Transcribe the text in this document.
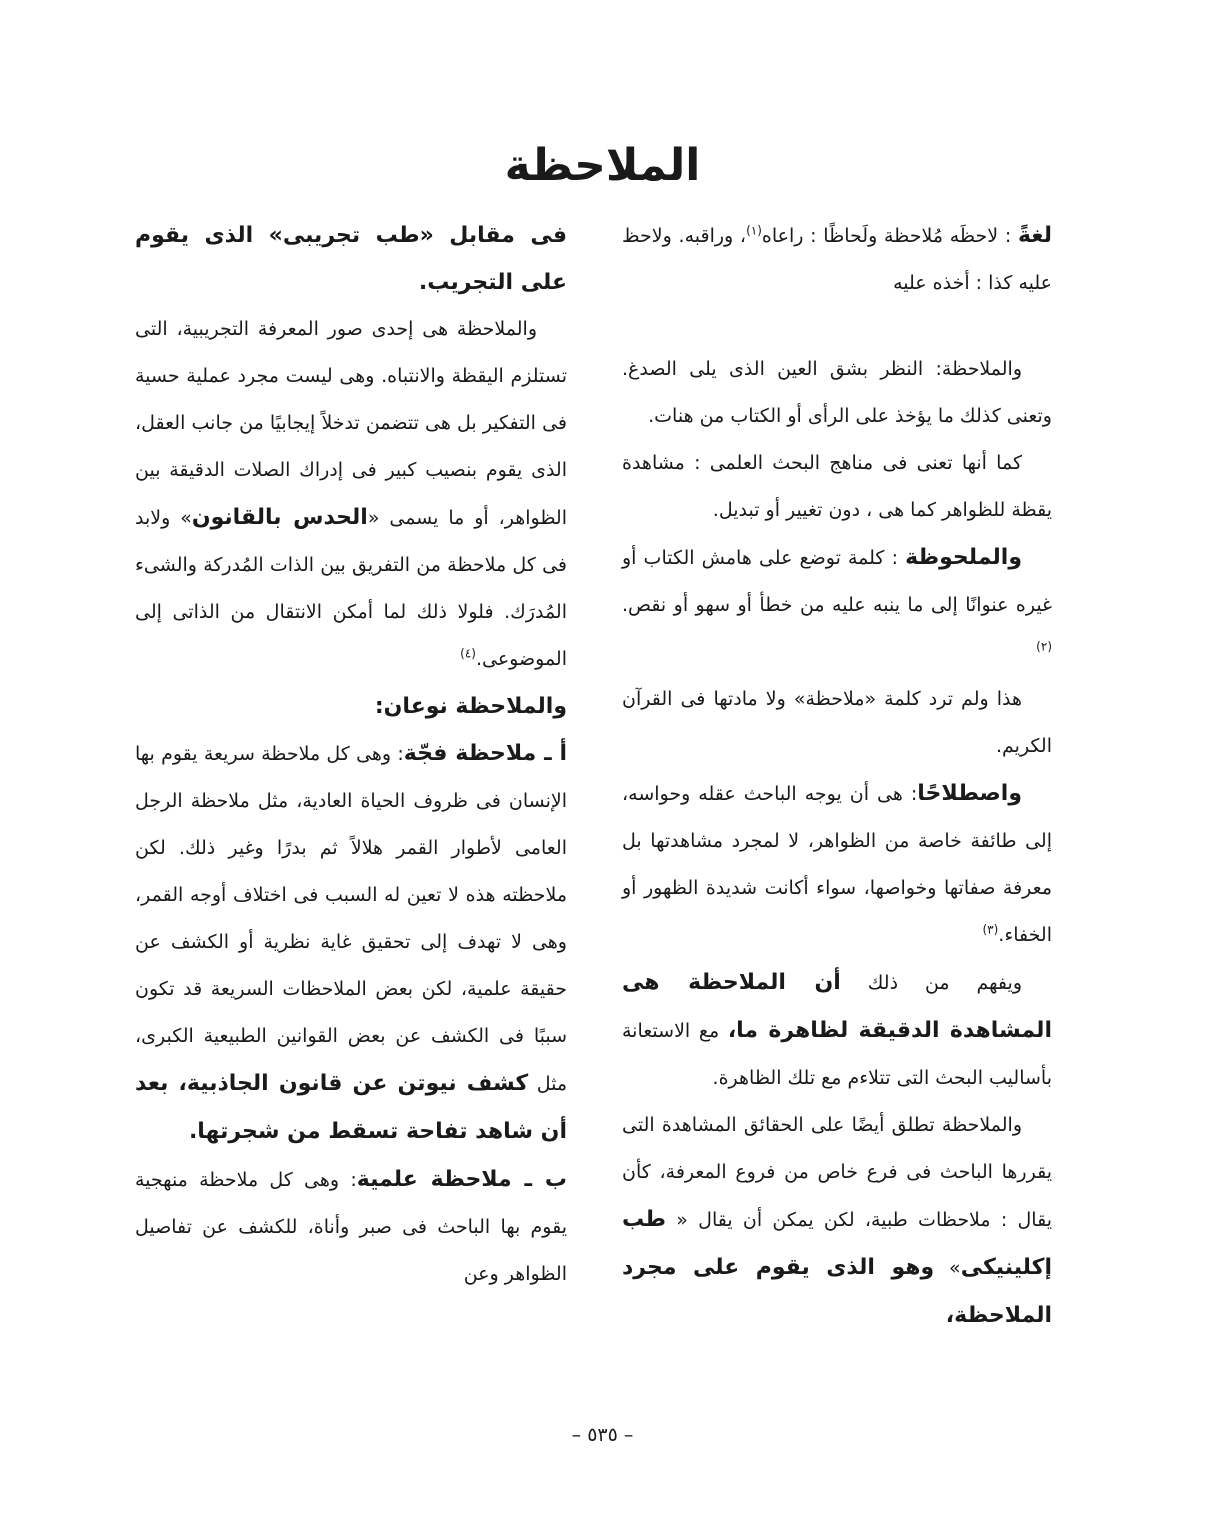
الملاحظة

لغةً : لاحظَه مُلاحظة ولَحاظًا : راعاه$^{(١)}$، وراقبه. ولاحظ عليه كذا : أخذه عليه

والملاحظة: النظر بشق العين الذى يلى الصدغ. وتعنى كذلك ما يؤخذ على الرأى أو الكتاب من هنات.

كما أنها تعنى فى مناهج البحث العلمى : مشاهدة يقظة للظواهر كما هى ، دون تغيير أو تبديل.

والملحوظة : كلمة توضع على هامش الكتاب أو غيره عنوانًا إلى ما ينبه عليه من خطأ أو سهو أو نقص.$^{(٢)}$

هذا ولم ترد كلمة «ملاحظة» ولا مادتها فى القرآن الكريم.

واصطلاحًا: هى أن يوجه الباحث عقله وحواسه، إلى طائفة خاصة من الظواهر، لا لمجرد مشاهدتها بل معرفة صفاتها وخواصها، سواء أكانت شديدة الظهور أو الخفاء.$^{(٣)}$

ويفهم من ذلك أن الملاحظة هى المشاهدة الدقيقة لظاهرة ما، مع الاستعانة بأساليب البحث التى تتلاءم مع تلك الظاهرة.

والملاحظة تطلق أيضًا على الحقائق المشاهدة التى يقررها الباحث فى فرع خاص من فروع المعرفة، كأن يقال : ملاحظات طبية، لكن يمكن أن يقال « طب إكلينيكى» وهو الذى يقوم على مجرد الملاحظة،

فى مقابل «طب تجريبى» الذى يقوم على التجريب.

والملاحظة هى إحدى صور المعرفة التجريبية، التى تستلزم اليقظة والانتباه. وهى ليست مجرد عملية حسية فى التفكير بل هى تتضمن تدخلاً إيجابيًا من جانب العقل، الذى يقوم بنصيب كبير فى إدراك الصلات الدقيقة بين الظواهر، أو ما يسمى «الحدس بالقانون» ولابد فى كل ملاحظة من التفريق بين الذات المُدركة والشىء المُدرَك. فلولا ذلك لما أمكن الانتقال من الذاتى إلى الموضوعى.$^{(٤)}$

والملاحظة نوعان:

أ ـ ملاحظة فجّة: وهى كل ملاحظة سريعة يقوم بها الإنسان فى ظروف الحياة العادية، مثل ملاحظة الرجل العامى لأطوار القمر هلالاً ثم بدرًا وغير ذلك. لكن ملاحظته هذه لا تعين له السبب فى اختلاف أوجه القمر، وهى لا تهدف إلى تحقيق غاية نظرية أو الكشف عن حقيقة علمية، لكن بعض الملاحظات السريعة قد تكون سببًا فى الكشف عن بعض القوانين الطبيعية الكبرى، مثل كشف نيوتن عن قانون الجاذبية، بعد أن شاهد تفاحة تسقط من شجرتها.

ب ـ ملاحظة علمية: وهى كل ملاحظة منهجية يقوم بها الباحث فى صبر وأناة، للكشف عن تفاصيل الظواهر وعن

– ٥٣٥ –
